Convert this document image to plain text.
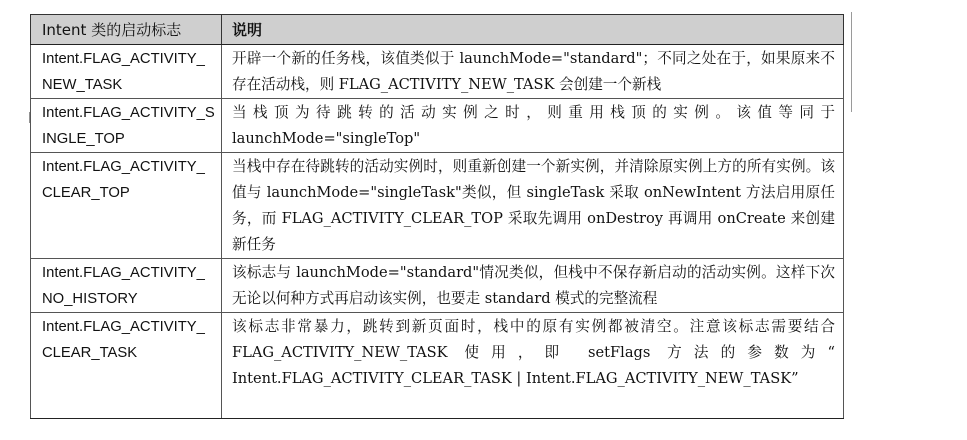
I
Intent 类的启动标志	说明
Intent.FLAG_ACTIVITY_NEW_TASK	开辟一个新的任务栈，该值类似于 launchMode="standard"；不同之处在于，如果原来不存在活动栈，则 FLAG_ACTIVITY_NEW_TASK 会创建一个新栈
Intent.FLAG_ACTIVITY_SINGLE_TOP	当栈顶为待跳转的活动实例之时，则重用栈顶的实例。该值等同于 launchMode="singleTop"
Intent.FLAG_ACTIVITY_CLEAR_TOP	当栈中存在待跳转的活动实例时，则重新创建一个新实例，并清除原实例上方的所有实例。该值与 launchMode="singleTask"类似，但 singleTask 采取 onNewIntent 方法启用原任务，而 FLAG_ACTIVITY_CLEAR_TOP 采取先调用 onDestroy 再调用 onCreate 来创建新任务
Intent.FLAG_ACTIVITY_NO_HISTORY	该标志与 launchMode="standard"情况类似，但栈中不保存新启动的活动实例。这样下次无论以何种方式再启动该实例，也要走 standard 模式的完整流程
Intent.FLAG_ACTIVITY_CLEAR_TASK	该标志非常暴力，跳转到新页面时，栈中的原有实例都被清空。注意该标志需要结合 FLAG_ACTIVITY_NEW_TASK 使用，即 setFlags 方法的参数为“ Intent.FLAG_ACTIVITY_CLEAR_TASK | Intent.FLAG_ACTIVITY_NEW_TASK”
